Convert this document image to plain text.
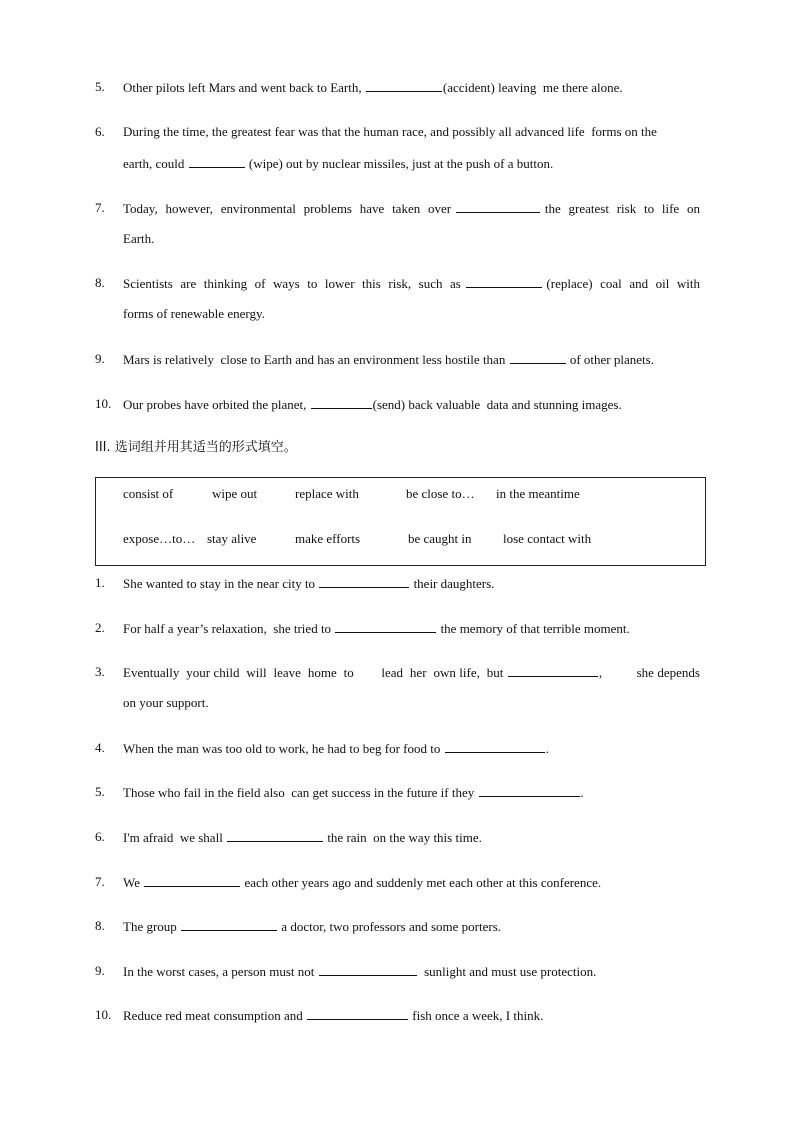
5. Other pilots left Mars and went back to Earth,	(accident) leaving  me there alone.
6. During the time, the greatest fear was that the human race, and possibly all advanced life  forms on the
earth, could	(wipe) out by nuclear missiles, just at the push of a button.
7. Today,  however,  environmental  problems  have  taken  over	the  greatest  risk  to  life  on
Earth.
8. Scientists  are  thinking  of  ways  to  lower  this  risk,  such  as	(replace)  coal  and  oil  with
forms of renewable energy.
9. Mars is relatively  close to Earth and has an environment less hostile than	of other planets.
10. Our probes have orbited the planet,	(send) back valuable  data and stunning images.
III. 选词组并用其适当的形式填空。
consist of	wipe out	replace with	be close to… in the meantime
expose…to… stay alive	make efforts	be caught in lose contact with
1. She wanted to stay in the near city to	their daughters.
2. For half a year’s relaxation,  she tried to	the memory of that terrible moment.
3. Eventually  your child  will  leave  home  to        lead  her  own life,  but	,          she depends
on your support.
4. When the man was too old to work, he had to beg for food to	.
5. Those who fail in the field also  can get success in the future if they	.
6. I'm afraid  we shall	the rain  on the way this time.
7. We	each other years ago and suddenly met each other at this conference.
8. The group	a doctor, two professors and some porters.
9. In the worst cases, a person must not	sunlight and must use protection.
10. Reduce red meat consumption and	fish once a week, I think.
